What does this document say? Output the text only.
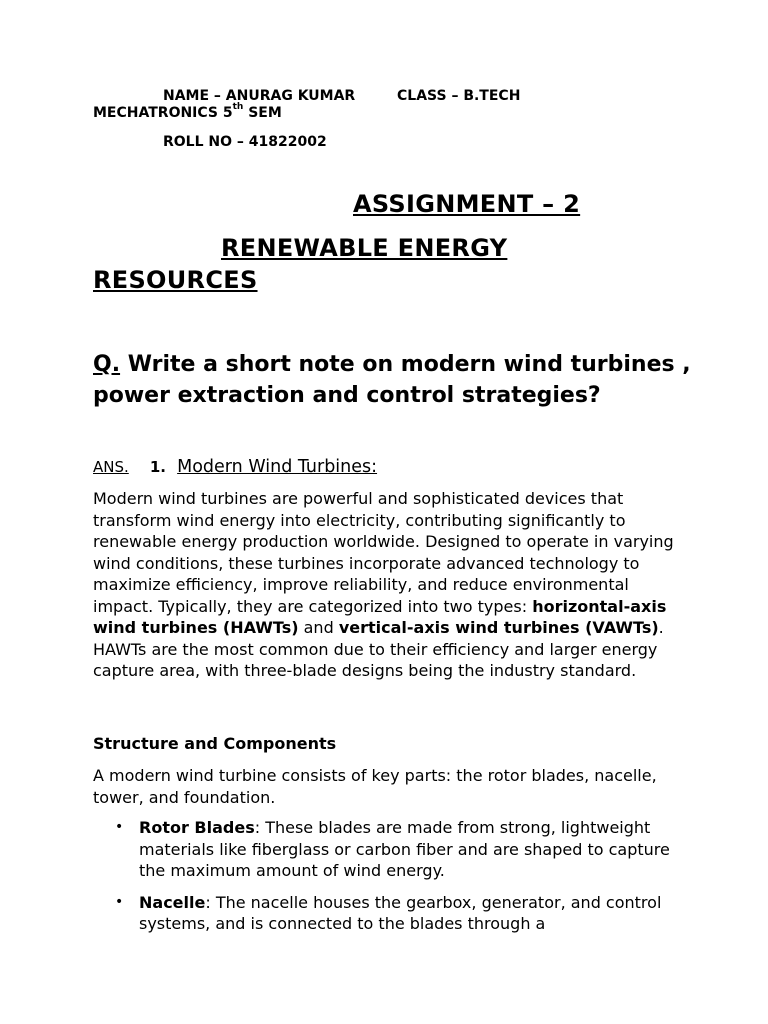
NAME – ANURAG KUMAR	CLASS – B.TECH
MECHATRONICS 5th SEM
ROLL NO – 41822002
ASSIGNMENT – 2
RENEWABLE ENERGY
RESOURCES
Q. Write a short note on modern wind turbines , power extraction and control strategies?
ANS. 1. Modern Wind Turbines:
Modern wind turbines are powerful and sophisticated devices that transform wind energy into electricity, contributing significantly to renewable energy production worldwide. Designed to operate in varying wind conditions, these turbines incorporate advanced technology to maximize efficiency, improve reliability, and reduce environmental impact. Typically, they are categorized into two types: horizontal-axis wind turbines (HAWTs) and vertical-axis wind turbines (VAWTs). HAWTs are the most common due to their efficiency and larger energy capture area, with three-blade designs being the industry standard.
Structure and Components
A modern wind turbine consists of key parts: the rotor blades, nacelle, tower, and foundation.
• Rotor Blades: These blades are made from strong, lightweight materials like fiberglass or carbon fiber and are shaped to capture the maximum amount of wind energy.
• Nacelle: The nacelle houses the gearbox, generator, and control systems, and is connected to the blades through a
